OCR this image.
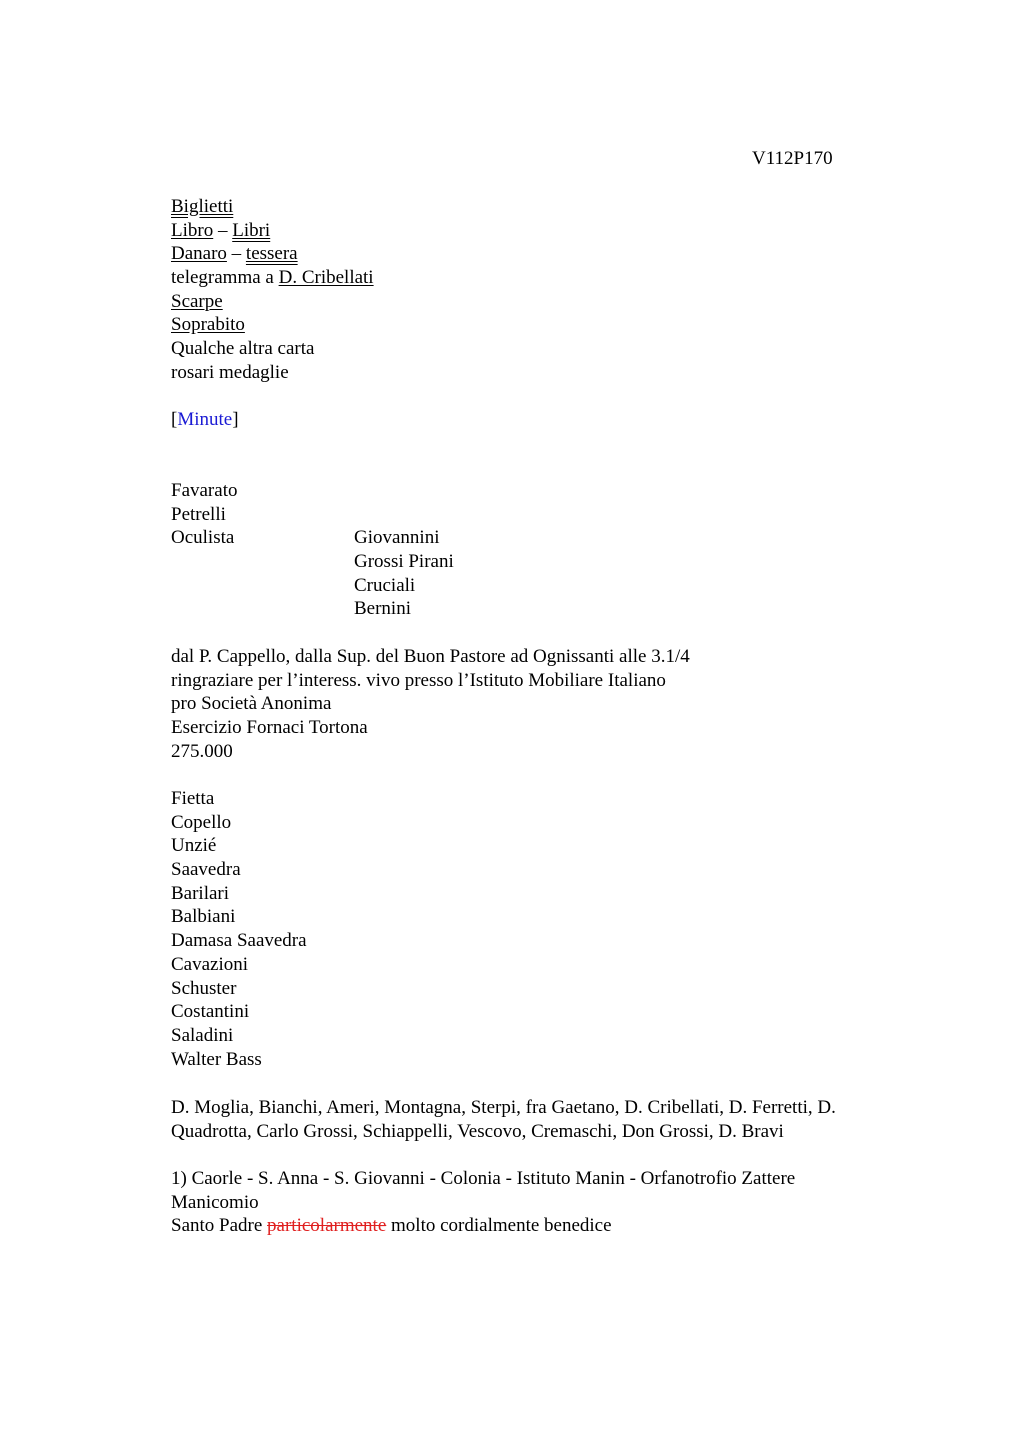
V112P170
Biglietti
Libro – Libri
Danaro – tessera
telegramma a D. Cribellati
Scarpe
Soprabito
Qualche altra carta
rosari medaglie
[Minute]
Favarato
Petrelli
Oculista	Giovannini
Grossi Pirani
Cruciali
Bernini
dal P. Cappello, dalla Sup. del Buon Pastore ad Ognissanti alle 3.1/4
ringraziare per l’interess. vivo presso l’Istituto Mobiliare Italiano
pro Società Anonima
Esercizio Fornaci Tortona
275.000
Fietta
Copello
Unzié
Saavedra
Barilari
Balbiani
Damasa Saavedra
Cavazioni
Schuster
Costantini
Saladini
Walter Bass
D. Moglia, Bianchi, Ameri, Montagna, Sterpi, fra Gaetano, D. Cribellati, D. Ferretti, D. Quadrotta, Carlo Grossi, Schiappelli, Vescovo, Cremaschi, Don Grossi, D. Bravi
1) Caorle - S. Anna - S. Giovanni - Colonia - Istituto Manin - Orfanotrofio Zattere
Manicomio
Santo Padre particolarmente molto cordialmente benedice
